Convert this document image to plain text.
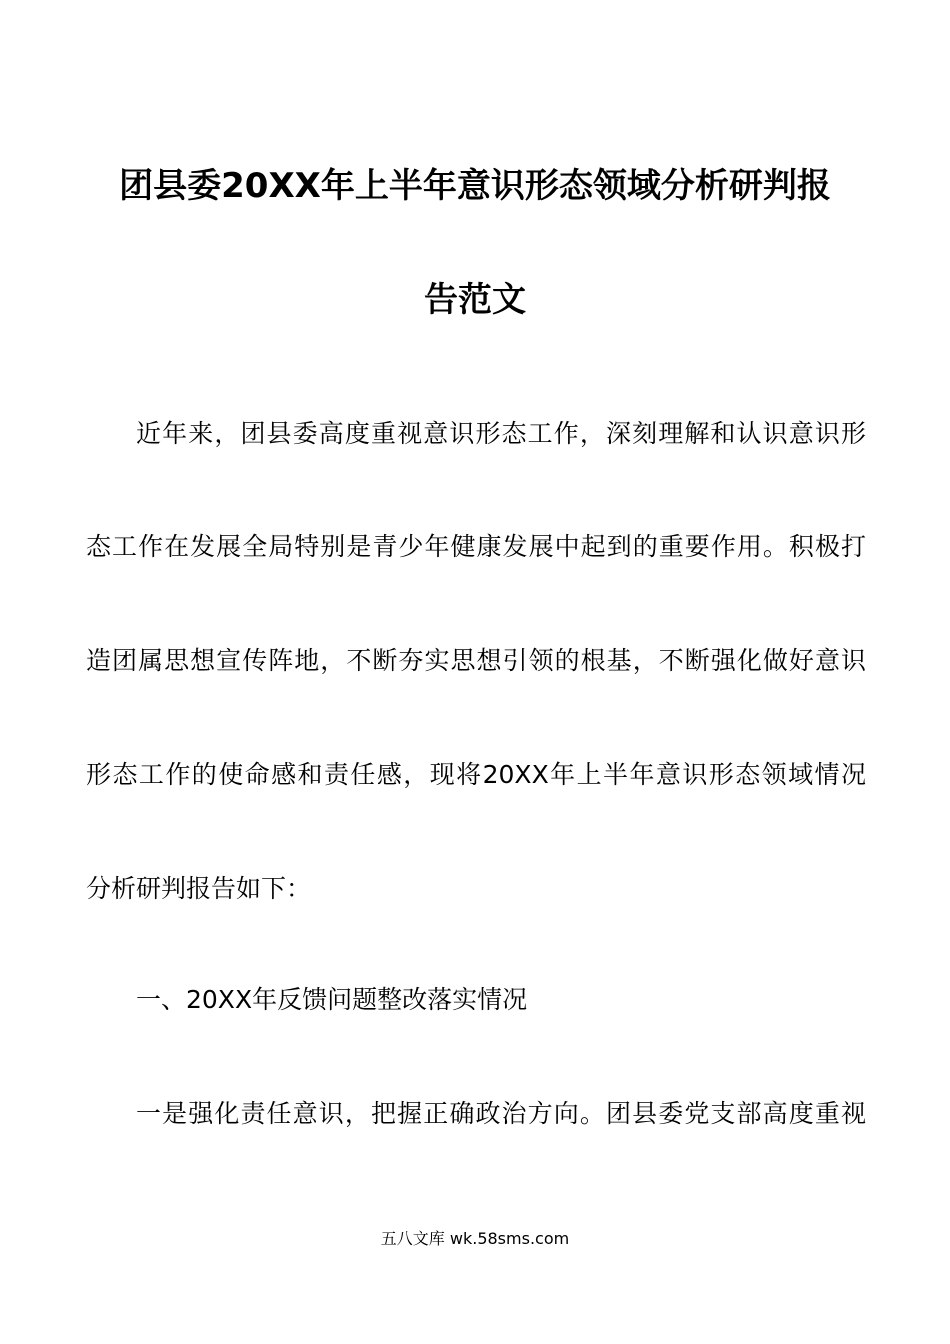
团县委20XX年上半年意识形态领域分析研判报
告范文
近年来，团县委高度重视意识形态工作，深刻理解和认识意识形
态工作在发展全局特别是青少年健康发展中起到的重要作用。积极打
造团属思想宣传阵地，不断夯实思想引领的根基，不断强化做好意识
形态工作的使命感和责任感，现将20XX年上半年意识形态领域情况
分析研判报告如下：
一、20XX年反馈问题整改落实情况
一是强化责任意识，把握正确政治方向。团县委党支部高度重视
五八文库 wk.58sms.com
